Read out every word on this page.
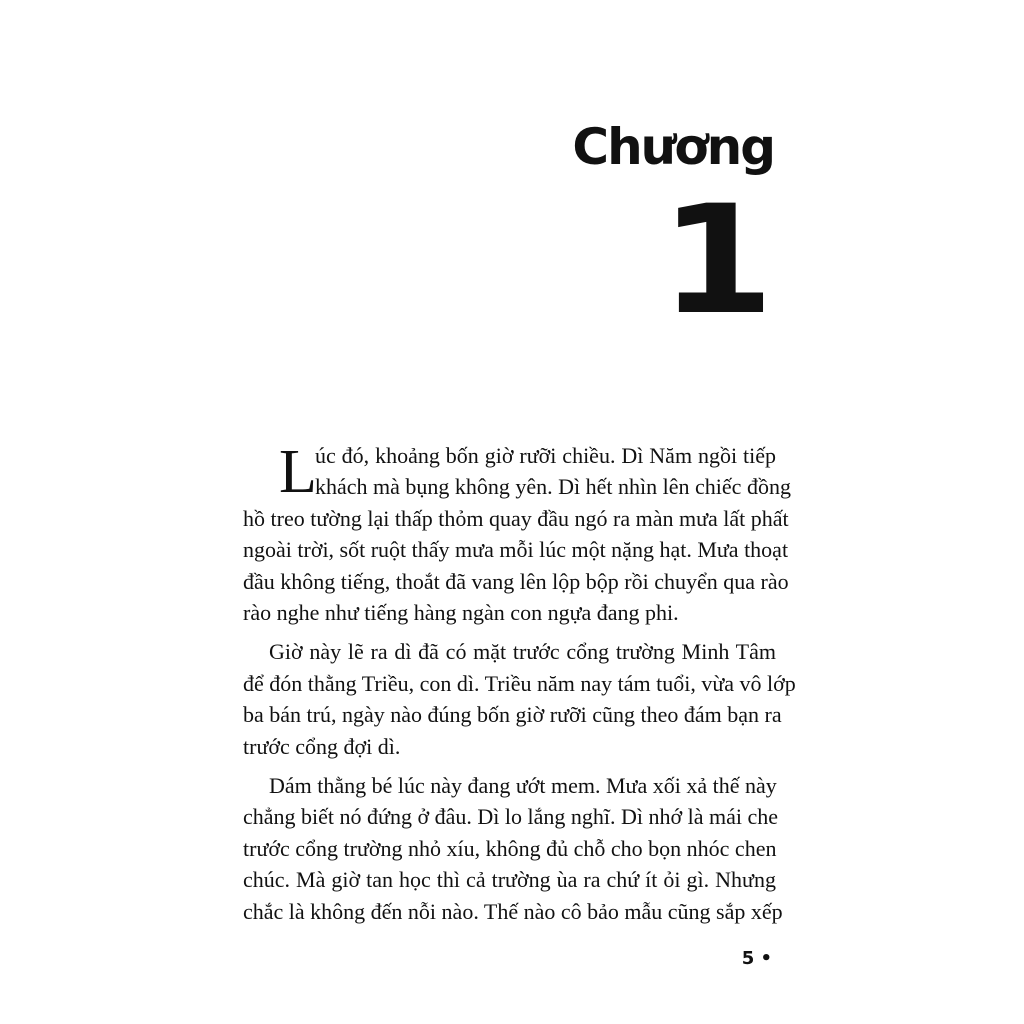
Chương
1
L
úc đó, khoảng bốn giờ rưỡi chiều. Dì Năm ngồi tiếp
khách mà bụng không yên. Dì hết nhìn lên chiếc đồng
hồ treo tường lại thấp thỏm quay đầu ngó ra màn mưa lất phất
ngoài trời, sốt ruột thấy mưa mỗi lúc một nặng hạt. Mưa thoạt
đầu không tiếng, thoắt đã vang lên lộp bộp rồi chuyển qua rào
rào nghe như tiếng hàng ngàn con ngựa đang phi.
Giờ này lẽ ra dì đã có mặt trước cổng trường Minh Tâm
để đón thằng Triều, con dì. Triều năm nay tám tuổi, vừa vô lớp
ba bán trú, ngày nào đúng bốn giờ rưỡi cũng theo đám bạn ra
trước cổng đợi dì.
Dám thằng bé lúc này đang ướt mem. Mưa xối xả thế này
chẳng biết nó đứng ở đâu. Dì lo lắng nghĩ. Dì nhớ là mái che
trước cổng trường nhỏ xíu, không đủ chỗ cho bọn nhóc chen
chúc. Mà giờ tan học thì cả trường ùa ra chứ ít ỏi gì. Nhưng
chắc là không đến nỗi nào. Thế nào cô bảo mẫu cũng sắp xếp
5 •
